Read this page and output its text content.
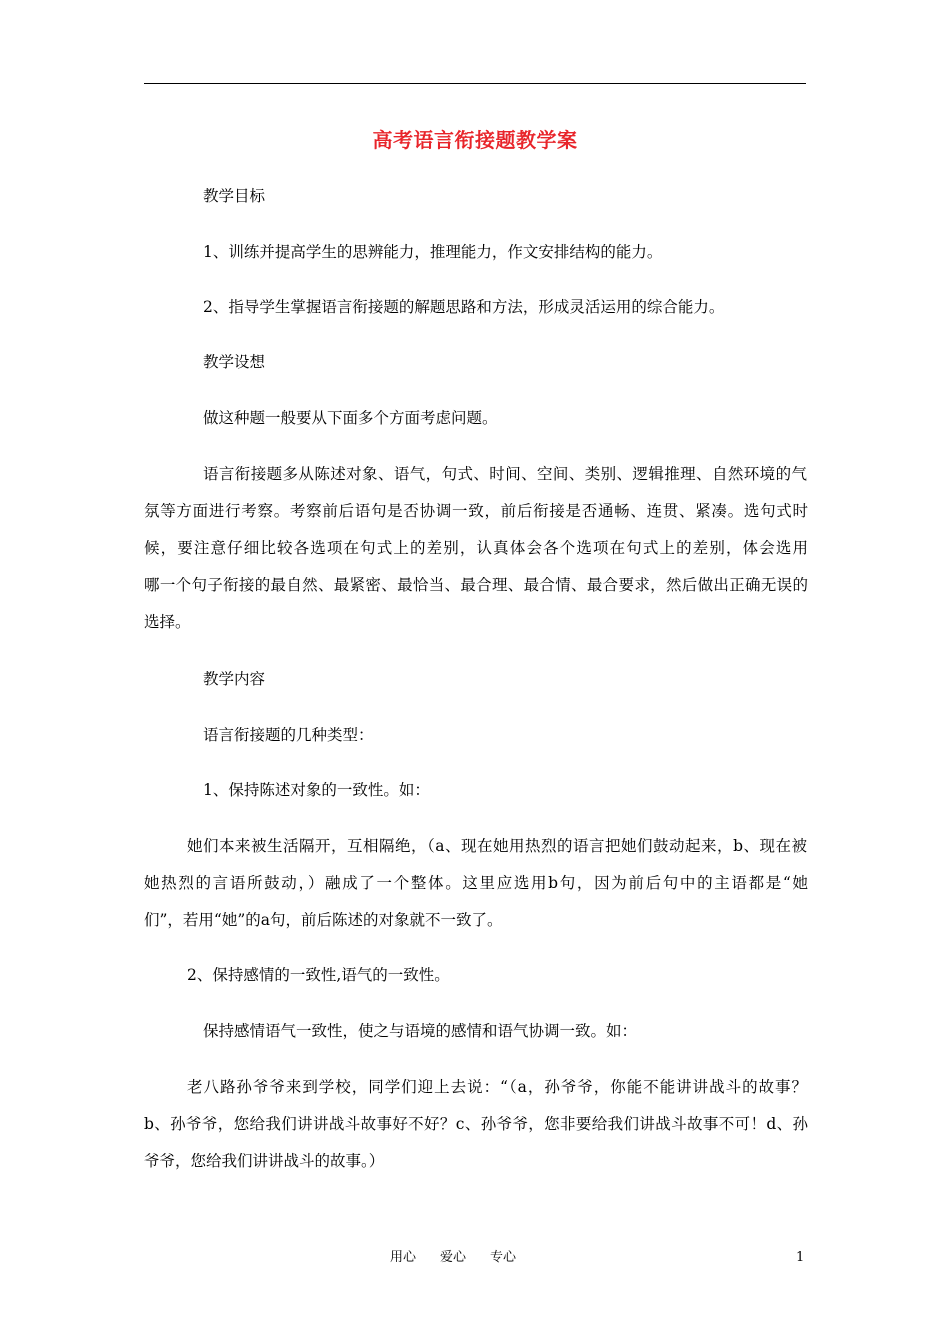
高考语言衔接题教学案
教学目标
1、训练并提高学生的思辨能力，推理能力，作文安排结构的能力。
2、指导学生掌握语言衔接题的解题思路和方法，形成灵活运用的综合能力。
教学设想
做这种题一般要从下面多个方面考虑问题。
语言衔接题多从陈述对象、语气，句式、时间、空间、类别、逻辑推理、自然环境的气
氛等方面进行考察。考察前后语句是否协调一致，前后衔接是否通畅、连贯、紧凑。选句式时
候，要注意仔细比较各选项在句式上的差别，认真体会各个选项在句式上的差别，体会选用
哪一个句子衔接的最自然、最紧密、最恰当、最合理、最合情、最合要求，然后做出正确无误的
选择。
教学内容
语言衔接题的几种类型：
1、保持陈述对象的一致性。如：
她们本来被生活隔开，互相隔绝，（a、现在她用热烈的语言把她们鼓动起来，b、现在被
她热烈的言语所鼓动，）融成了一个整体。这里应选用b句，因为前后句中的主语都是“她
们”，若用“她”的a句，前后陈述的对象就不一致了。
2、保持感情的一致性,语气的一致性。
保持感情语气一致性，使之与语境的感情和语气协调一致。如：
老八路孙爷爷来到学校，同学们迎上去说：“（a，孙爷爷，你能不能讲讲战斗的故事？
b、孙爷爷，您给我们讲讲战斗故事好不好？c、孙爷爷，您非要给我们讲战斗故事不可！d、孙
爷爷，您给我们讲讲战斗的故事。）
用心 爱心 专心	1
